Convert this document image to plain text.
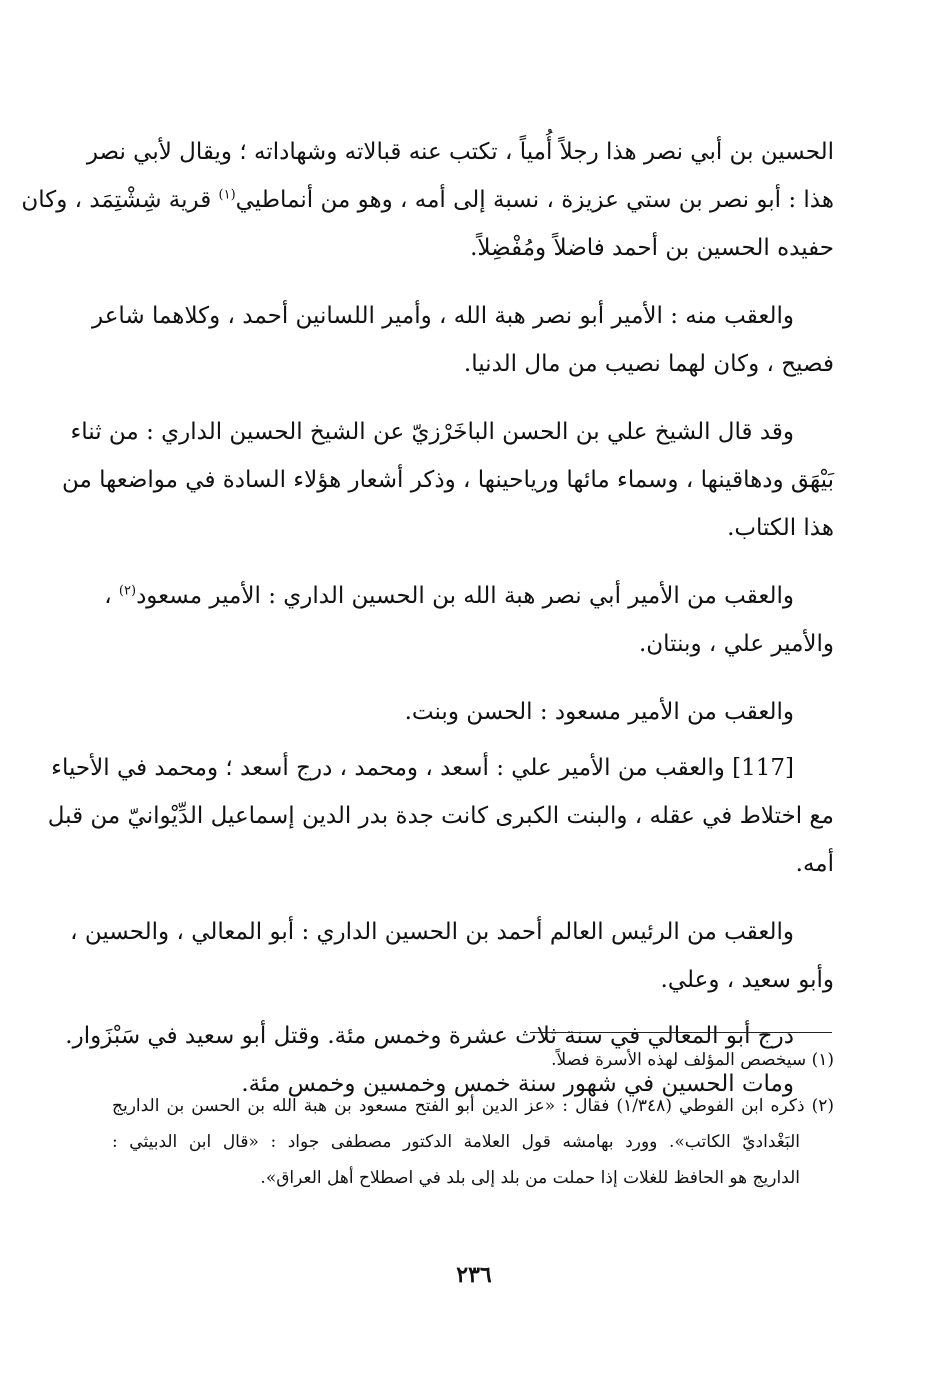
الحسين بن أبي نصر هذا رجلاً أُمياً ، تكتب عنه قبالاته وشهاداته ؛ ويقال لأبي نصر
هذا : أبو نصر بن ستي عزيزة ، نسبة إلى أمه ، وهو من أنماطيي$^{(١)}$ قرية شِشْتِمَد ، وكان
حفيده الحسين بن أحمد فاضلاً ومُفْضِلاً.

والعقب منه : الأمير أبو نصر هبة الله ، وأمير اللسانين أحمد ، وكلاهما شاعر
فصيح ، وكان لهما نصيب من مال الدنيا.

وقد قال الشيخ علي بن الحسن الباخَرْزيّ عن الشيخ الحسين الداري : من ثناء
بَيْهَق ودهاقينها ، وسماء مائها ورياحينها ، وذكر أشعار هؤلاء السادة في مواضعها من
هذا الكتاب.

والعقب من الأمير أبي نصر هبة الله بن الحسين الداري : الأمير مسعود$^{(٢)}$ ،
والأمير علي ، وبنتان.

والعقب من الأمير مسعود : الحسن وبنت.

[117] والعقب من الأمير علي : أسعد ، ومحمد ، درج أسعد ؛ ومحمد في الأحياء
مع اختلاط في عقله ، والبنت الكبرى كانت جدة بدر الدين إسماعيل الدِّيْوانيّ من قبل
أمه.

والعقب من الرئيس العالم أحمد بن الحسين الداري : أبو المعالي ، والحسين ،
وأبو سعيد ، وعلي.

درج أبو المعالي في سنة ثلاث عشرة وخمس مئة. وقتل أبو سعيد في سَبْزَوار.

ومات الحسين في شهور سنة خمس وخمسين وخمس مئة.

(١) سيخصص المؤلف لهذه الأسرة فصلاً.

(٢) ذكره ابن الفوطي (١/٣٤٨) فقال : «عز الدين أبو الفتح مسعود بن هبة الله بن الحسن بن الداريج
البَغْداديّ الكاتب». وورد بهامشه قول العلامة الدكتور مصطفى جواد : «قال ابن الدبيثي :
الداريج هو الحافظ للغلات إذا حملت من بلد إلى بلد في اصطلاح أهل العراق».

٢٣٦
